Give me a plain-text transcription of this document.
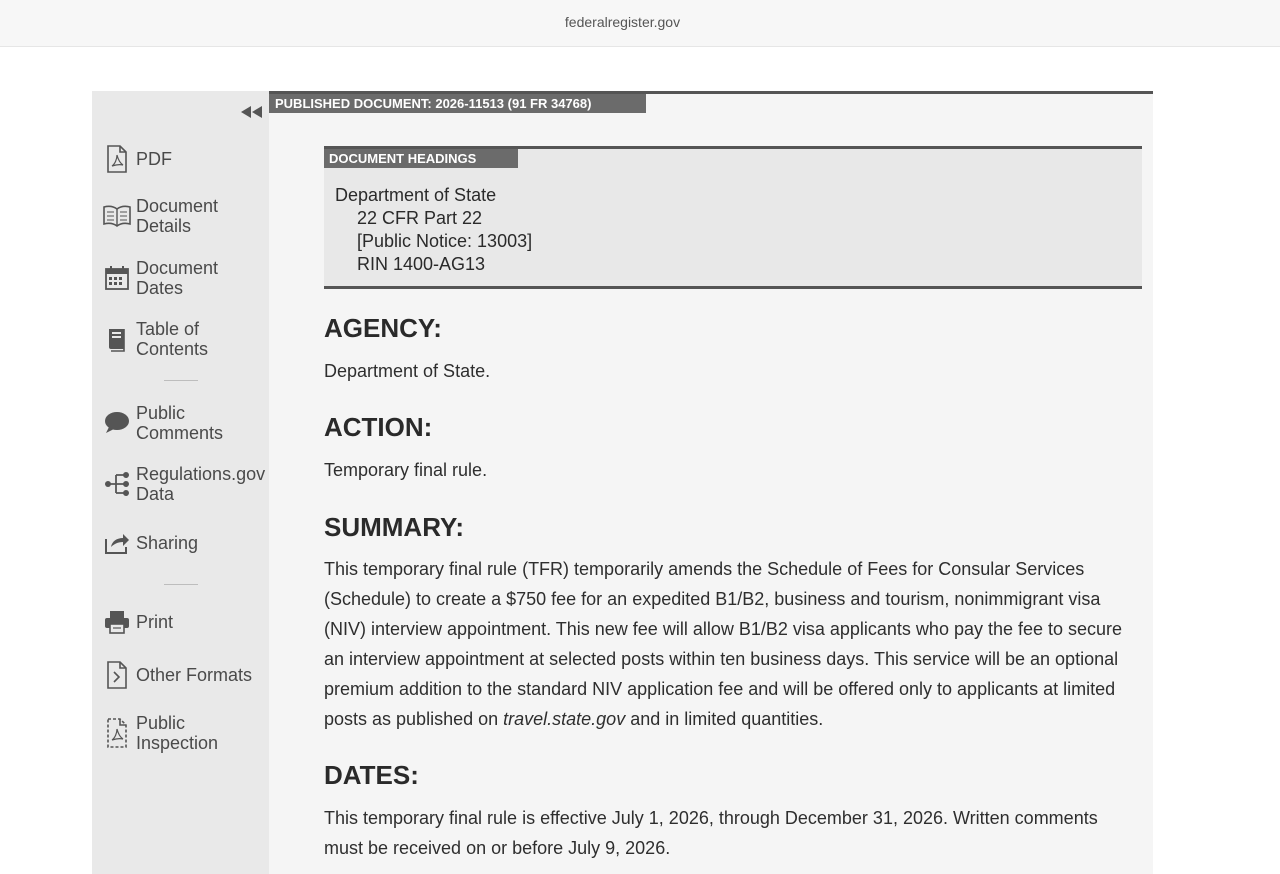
federalregister.gov
PDF
Document
Details
Document
Dates
Table of
Contents
Public
Comments
Regulations.gov
Data
Sharing
Print
Other Formats
Public
Inspection
PUBLISHED DOCUMENT: 2026-11513 (91 FR 34768)
DOCUMENT HEADINGS
Department of State
22 CFR Part 22
[Public Notice: 13003]
RIN 1400-AG13
AGENCY:
Department of State.
ACTION:
Temporary final rule.
SUMMARY:
This temporary final rule (TFR) temporarily amends the Schedule of Fees for Consular Services (Schedule) to create a $750 fee for an expedited B1/B2, business and tourism, nonimmigrant visa (NIV) interview appointment. This new fee will allow B1/B2 visa applicants who pay the fee to secure an interview appointment at selected posts within ten business days. This service will be an optional premium addition to the standard NIV application fee and will be offered only to applicants at limited posts as published on travel.state.gov and in limited quantities.
DATES:
This temporary final rule is effective July 1, 2026, through December 31, 2026. Written comments must be received on or before July 9, 2026.
